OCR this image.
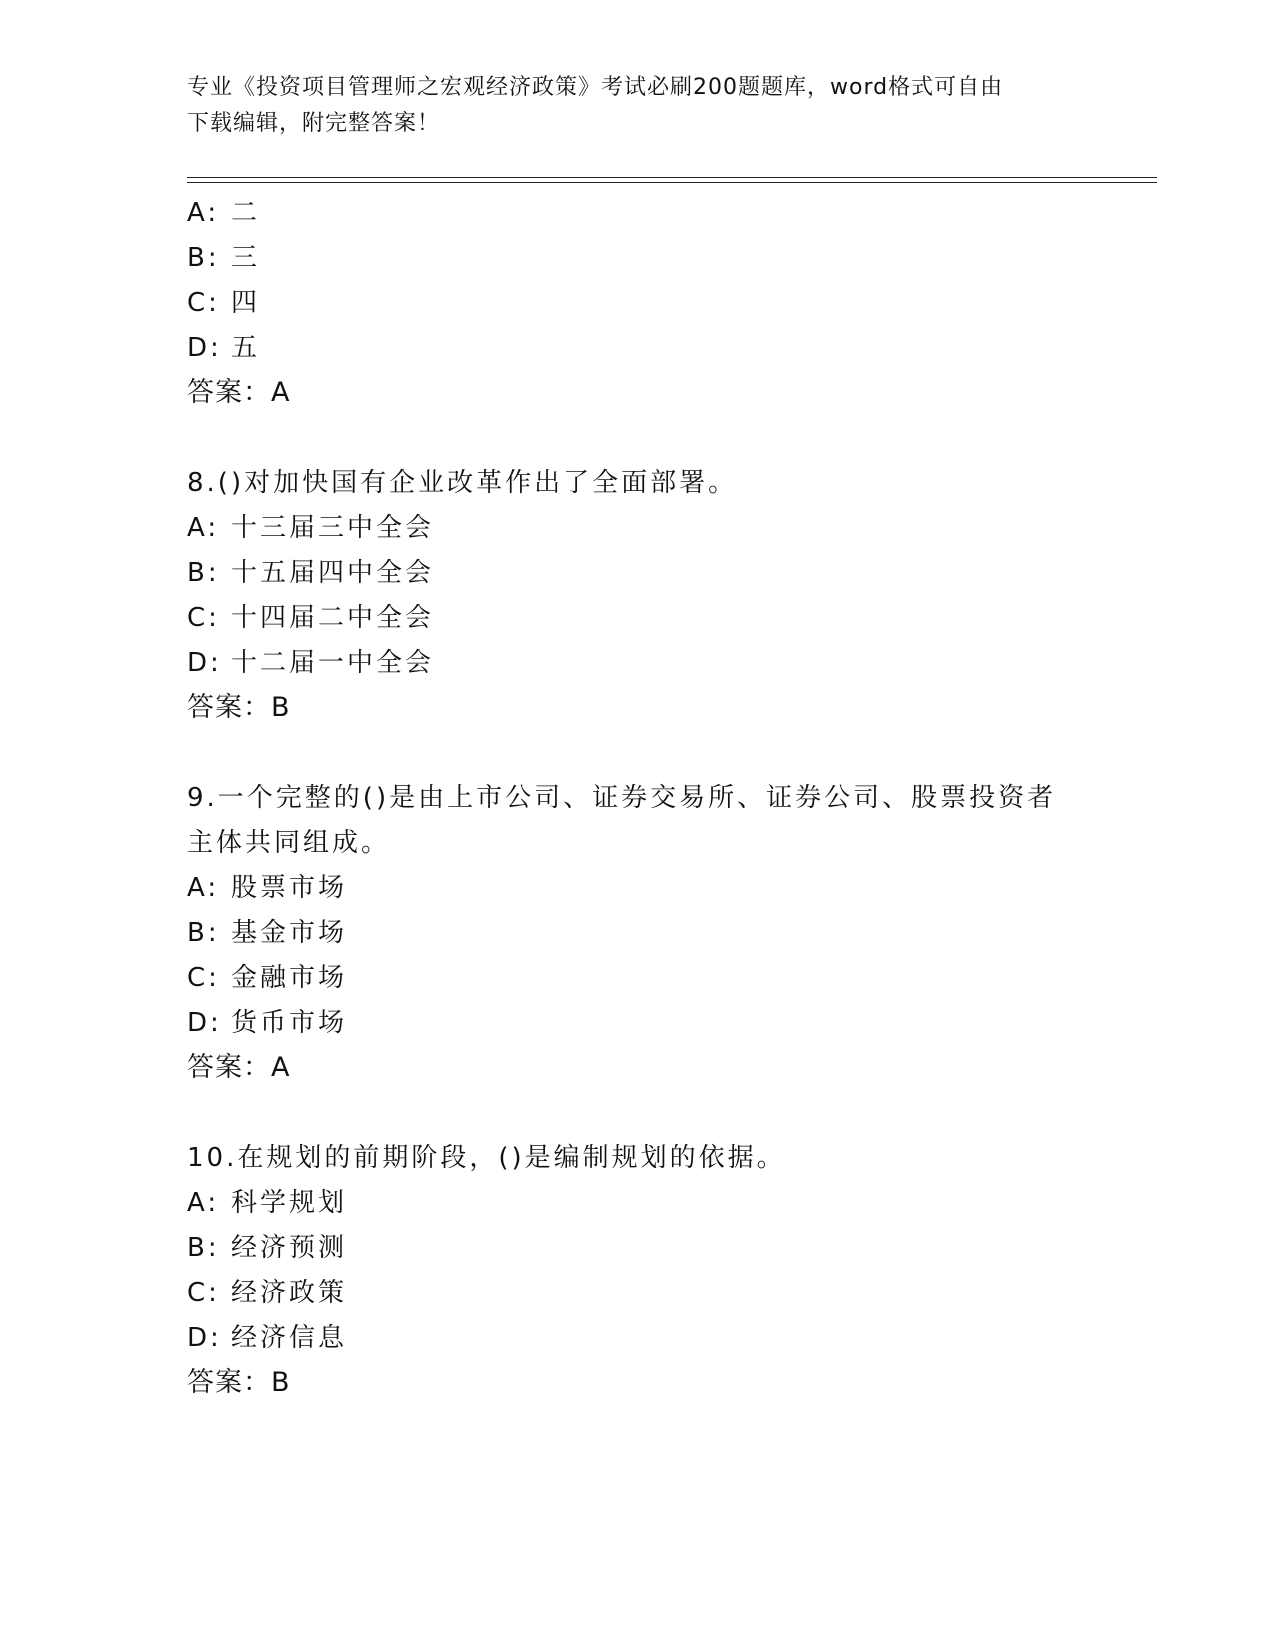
专业《投资项目管理师之宏观经济政策》考试必刷200题题库，word格式可自由
下载编辑，附完整答案！
A: 二
B: 三
C: 四
D: 五
答案：A
8.()对加快国有企业改革作出了全面部署。
A: 十三届三中全会
B: 十五届四中全会
C: 十四届二中全会
D: 十二届一中全会
答案：B
9.一个完整的()是由上市公司、证券交易所、证券公司、股票投资者
主体共同组成。
A: 股票市场
B: 基金市场
C: 金融市场
D: 货币市场
答案：A
10.在规划的前期阶段，()是编制规划的依据。
A: 科学规划
B: 经济预测
C: 经济政策
D: 经济信息
答案：B
